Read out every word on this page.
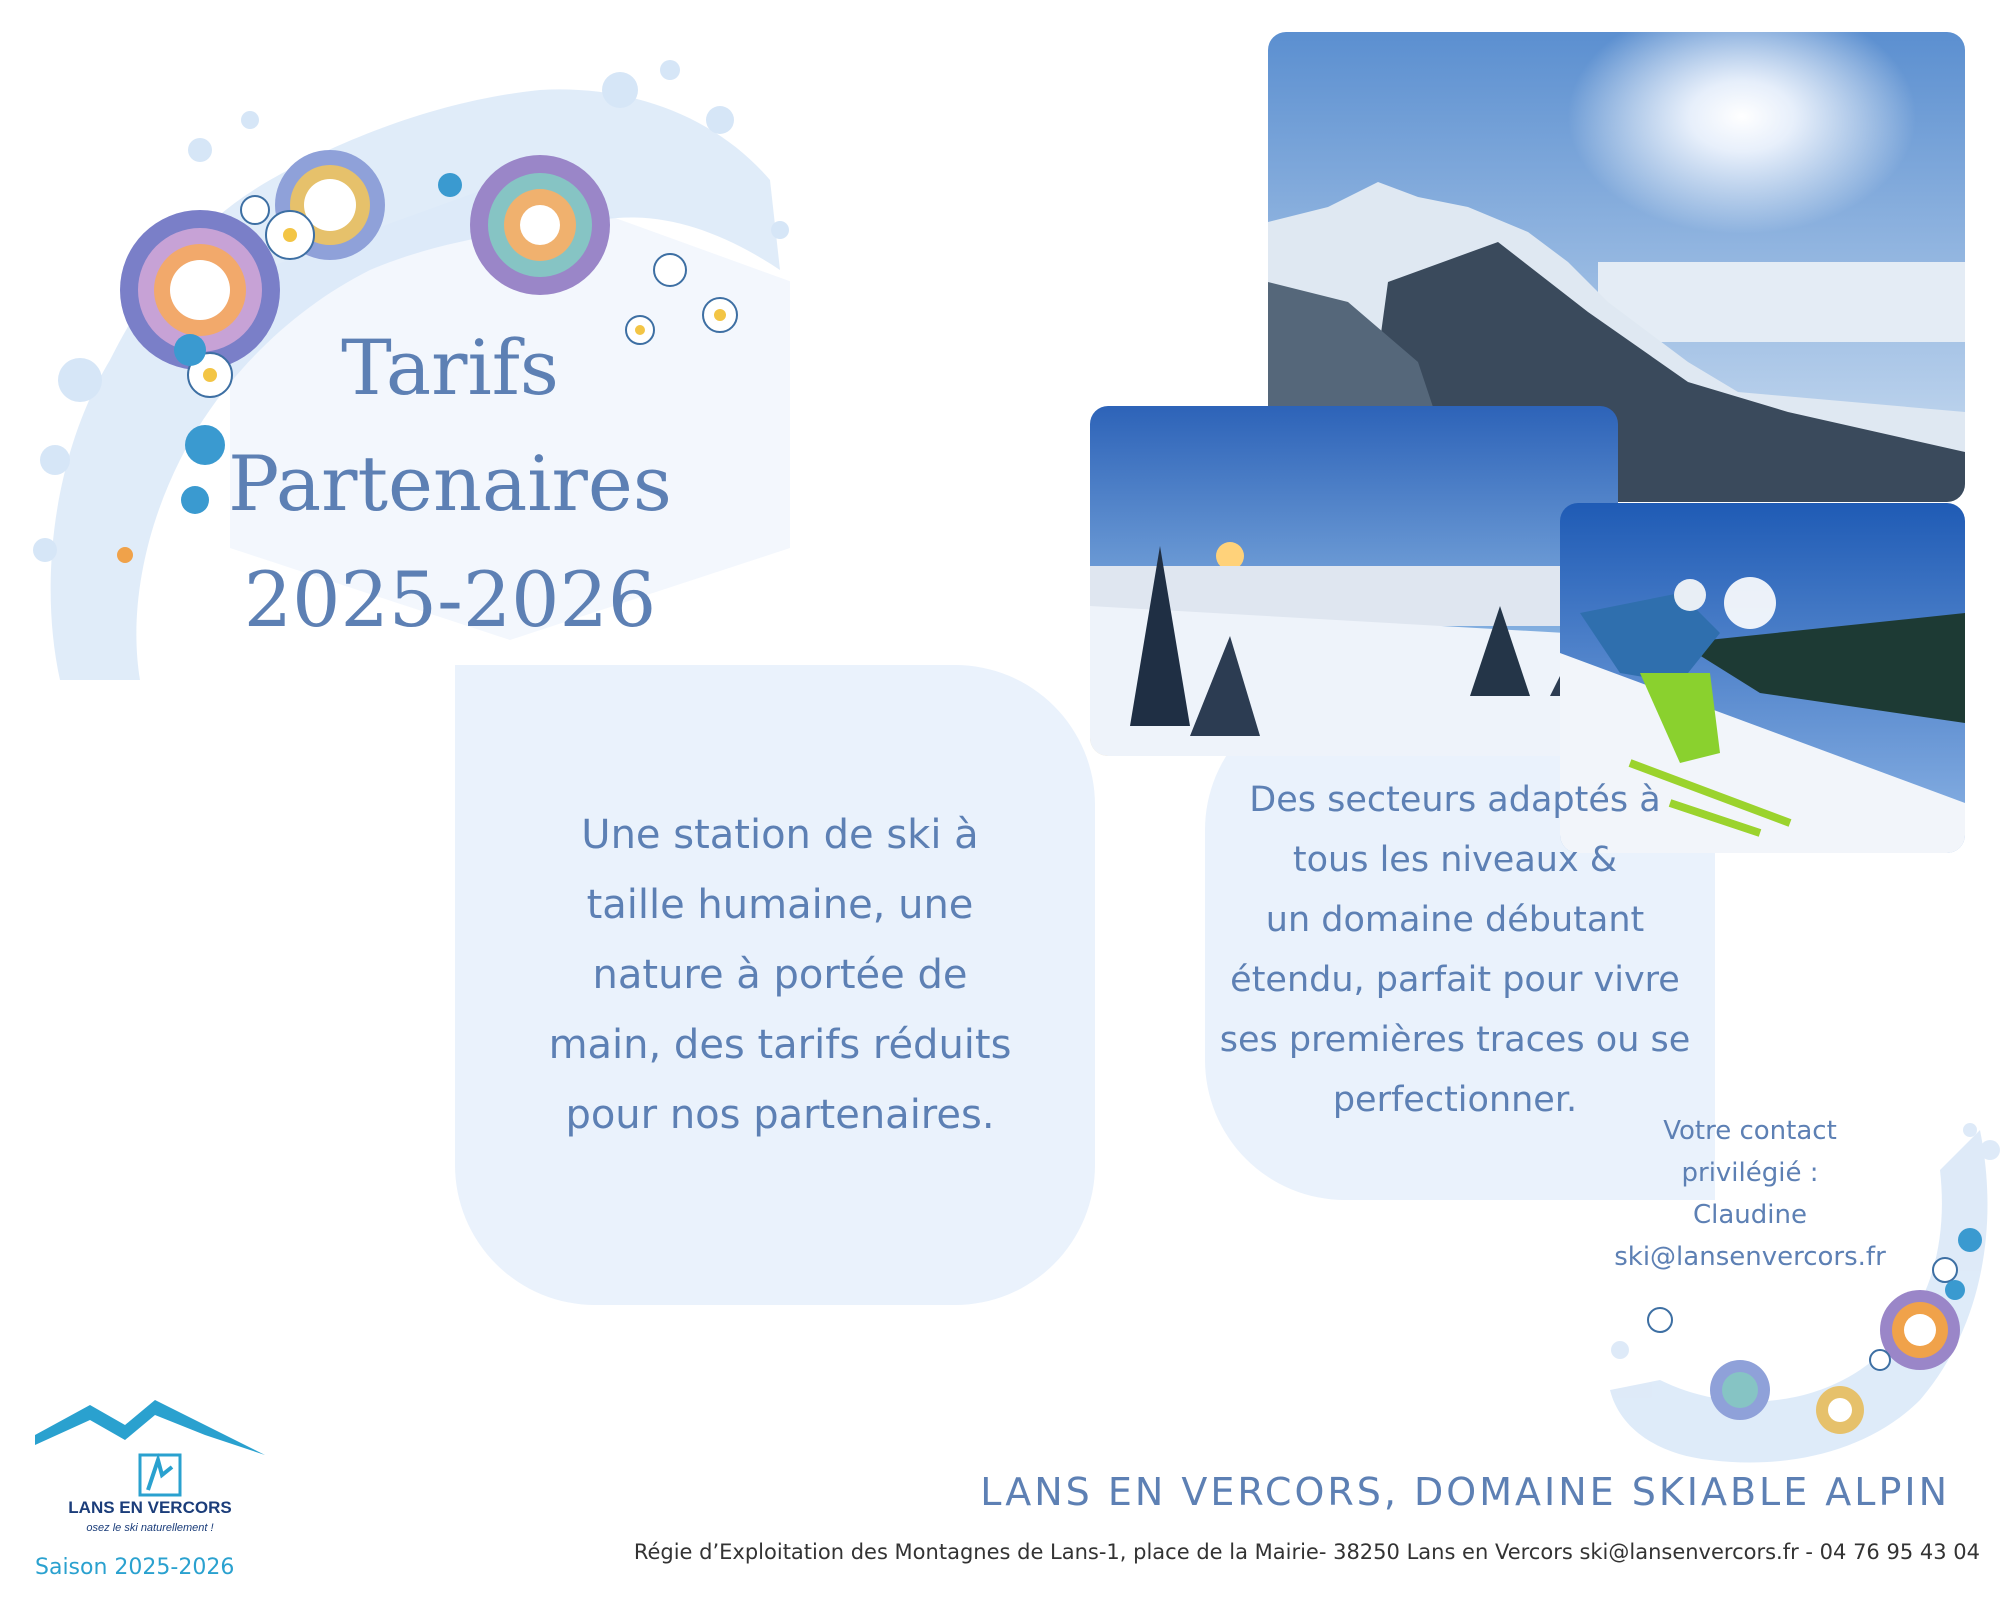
Tarifs
Partenaires
2025-2026
Une station de ski à
taille humaine, une
nature à portée de
main, des tarifs réduits
pour nos partenaires.
Des secteurs adaptés à
tous les niveaux &
un domaine débutant
étendu, parfait pour vivre
ses premières traces ou se
perfectionner.
Votre contact
privilégié :
Claudine
ski@lansenvercors.fr
LANS EN VERCORS
osez le ski naturellement !
Saison 2025-2026
LANS EN VERCORS, DOMAINE SKIABLE ALPIN
Régie d’Exploitation des Montagnes de Lans-1, place de la Mairie- 38250 Lans en Vercors ski@lansenvercors.fr - 04 76 95 43 04
